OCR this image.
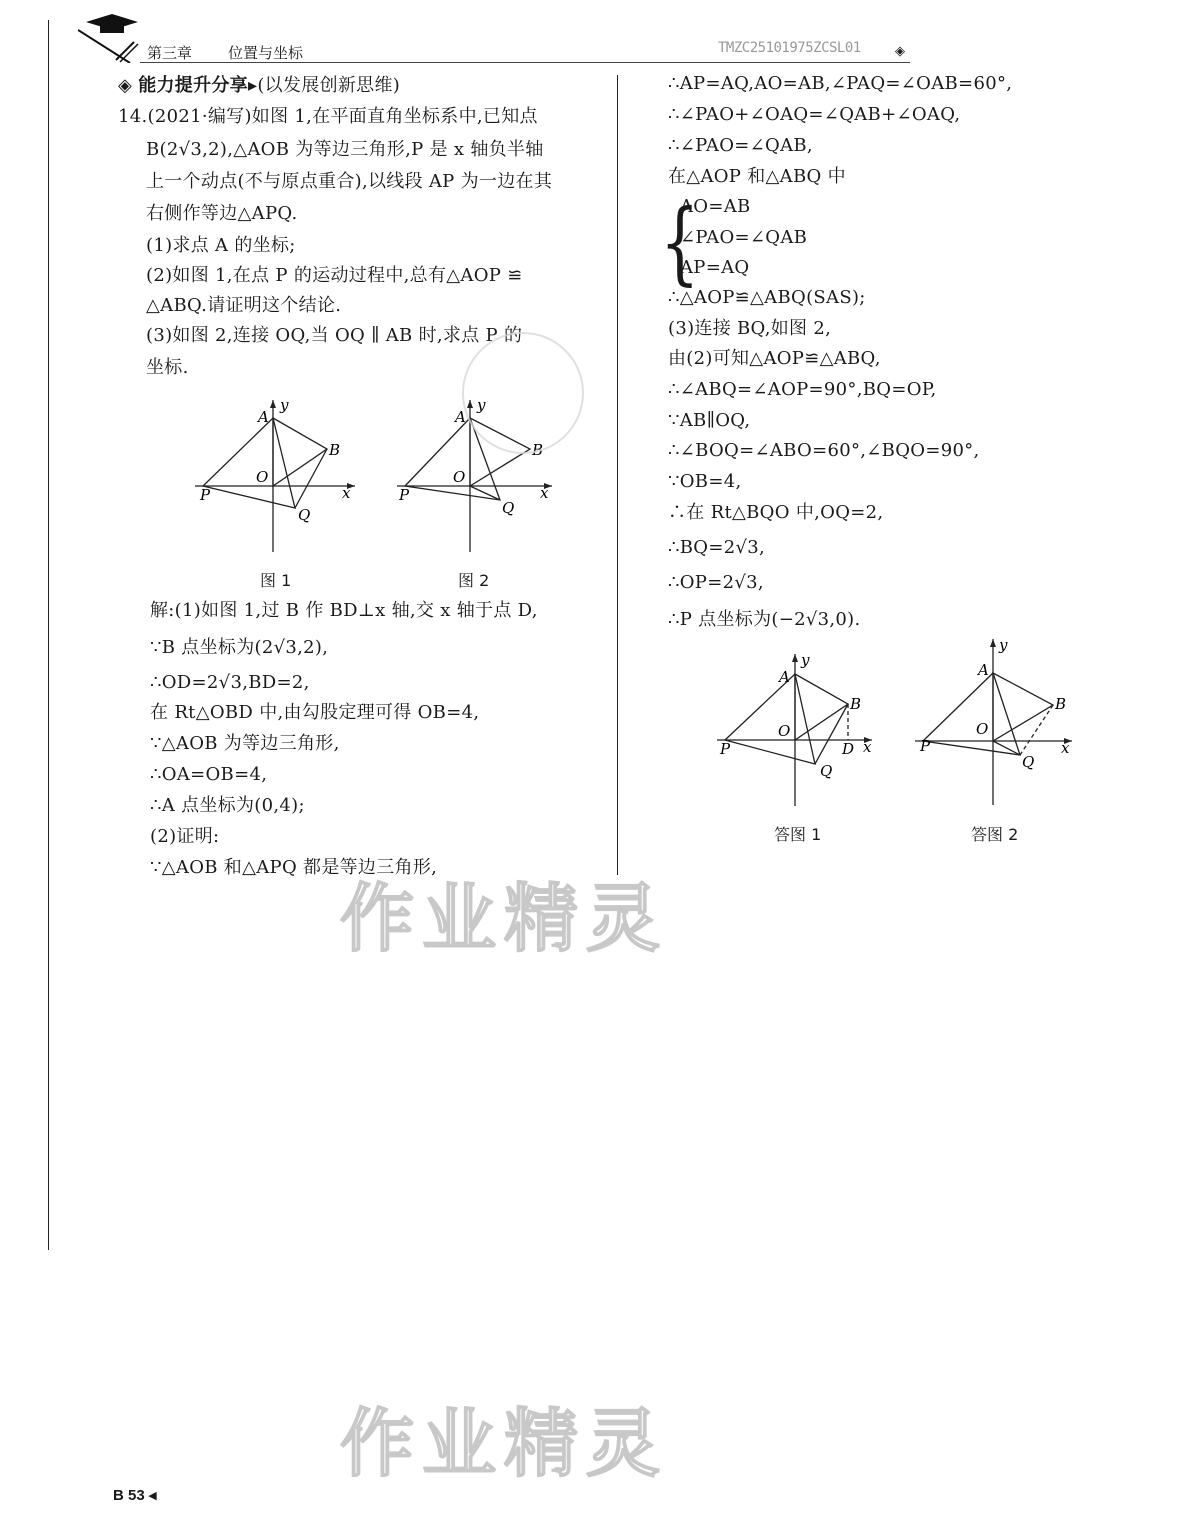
第三章 位置与坐标	TMZC25101975ZCSL01	◈
◈ 能力提升分享▸(以发展创新思维)
14.(2021·编写)如图 1,在平面直角坐标系中,已知点
B(2√3,2),△AOB 为等边三角形,P 是 x 轴负半轴
上一个动点(不与原点重合),以线段 AP 为一边在其
右侧作等边△APQ.
(1)求点 A 的坐标;
(2)如图 1,在点 P 的运动过程中,总有△AOP ≌
△ABQ.请证明这个结论.
(3)如图 2,连接 OQ,当 OQ ∥ AB 时,求点 P 的
坐标.
A
y
B
O
P	x
Q
图 1
A
y
B
O
P	x
Q
图 2
解:(1)如图 1,过 B 作 BD⊥x 轴,交 x 轴于点 D,
∵B 点坐标为(2√3,2),
∴OD=2√3,BD=2,
在 Rt△OBD 中,由勾股定理可得 OB=4,
∵△AOB 为等边三角形,
∴OA=OB=4,
∴A 点坐标为(0,4);
(2)证明:
∵△AOB 和△APQ 都是等边三角形,
∴AP=AQ,AO=AB,∠PAQ=∠OAB=60°,
∴∠PAO+∠OAQ=∠QAB+∠OAQ,
∴∠PAO=∠QAB,
在△AOP 和△ABQ 中
{
AO=AB
∠PAO=∠QAB
AP=AQ
∴△AOP≌△ABQ(SAS);
(3)连接 BQ,如图 2,
由(2)可知△AOP≌△ABQ,
∴∠ABQ=∠AOP=90°,BQ=OP,
∵AB∥OQ,
∴∠BOQ=∠ABO=60°,∠BQO=90°,
∵OB=4,
∴在 Rt△BQO 中,OQ=2,
∴BQ=2√3,
∴OP=2√3,
∴P 点坐标为(−2√3,0).
A
y
B
O
P	D x
Q
答图 1
A
y
B
O
P	x
Q
答图 2
作业精灵
作业精灵
B 53 ◂
